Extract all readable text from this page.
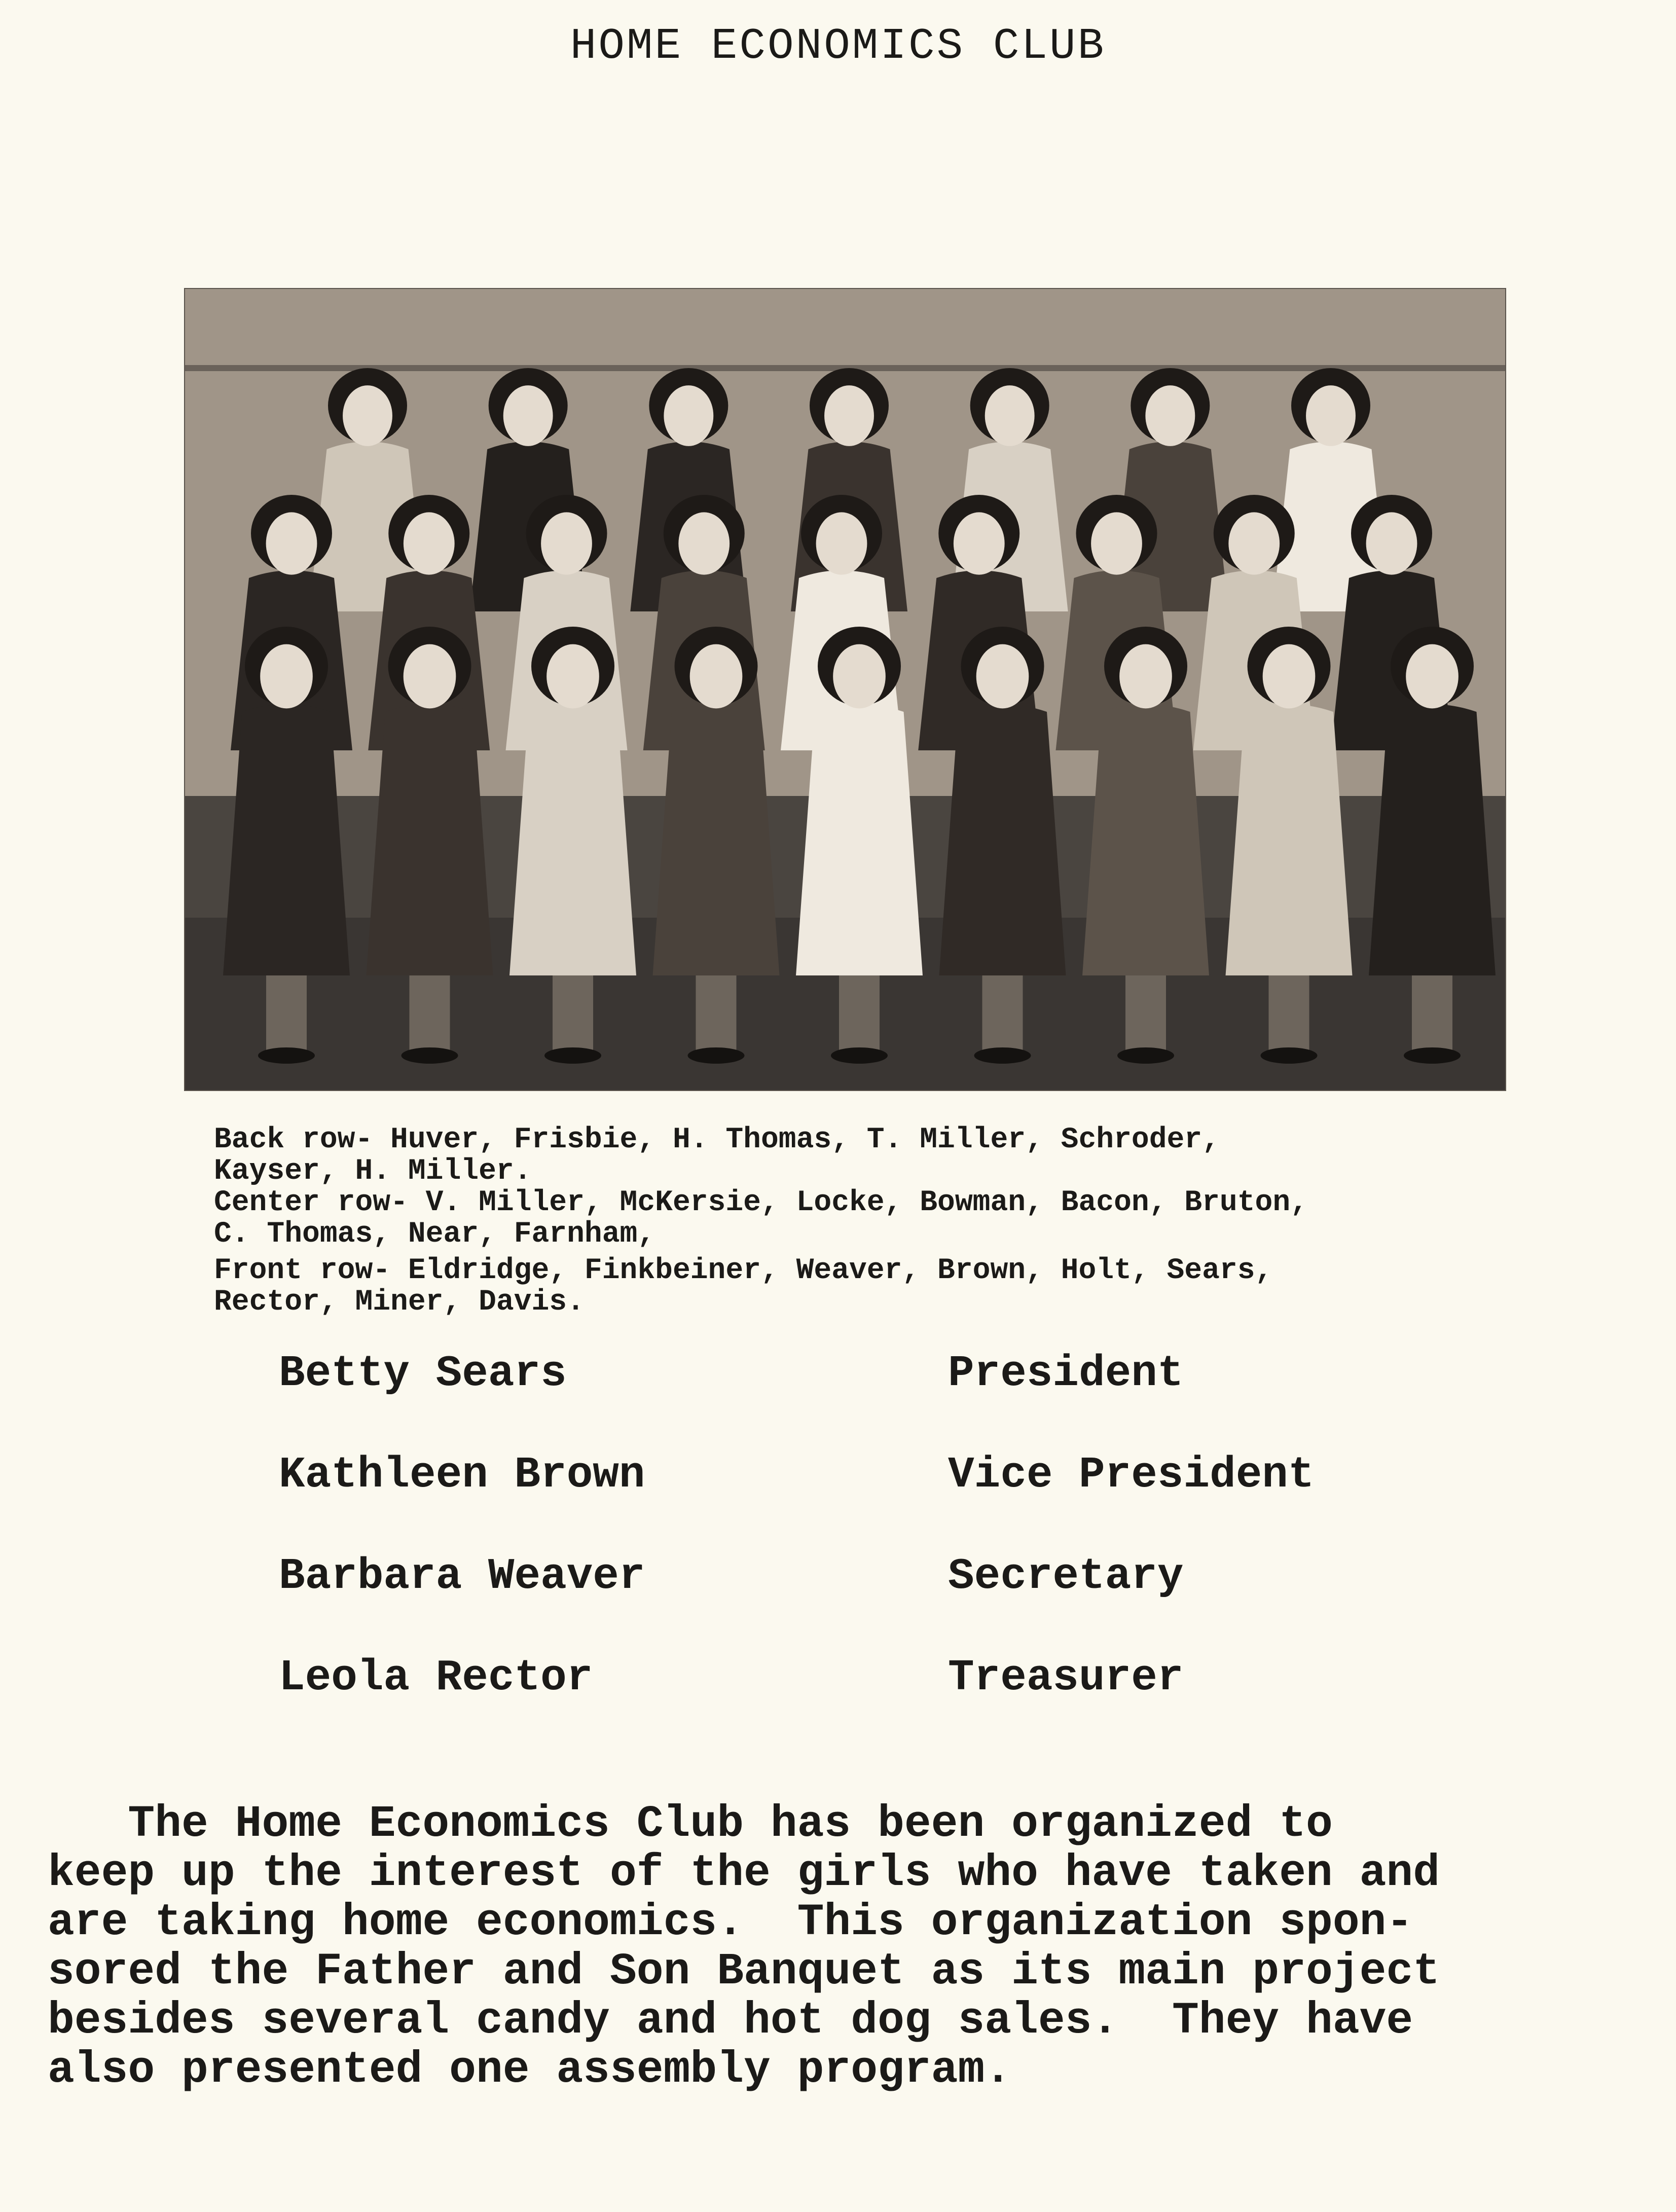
HOME ECONOMICS CLUB
Back row- Huver, Frisbie, H. Thomas, T. Miller, Schroder,
Kayser, H. Miller.
Center row- V. Miller, McKersie, Locke, Bowman, Bacon, Bruton,
C. Thomas, Near, Farnham,
Front row- Eldridge, Finkbeiner, Weaver, Brown, Holt, Sears,
Rector, Miner, Davis.
Betty Sears	President
Kathleen Brown	Vice President
Barbara Weaver	Secretary
Leola Rector	Treasurer
The Home Economics Club has been organized to
keep up the interest of the girls who have taken and
are taking home economics.  This organization spon-
sored the Father and Son Banquet as its main project
besides several candy and hot dog sales.  They have
also presented one assembly program.
